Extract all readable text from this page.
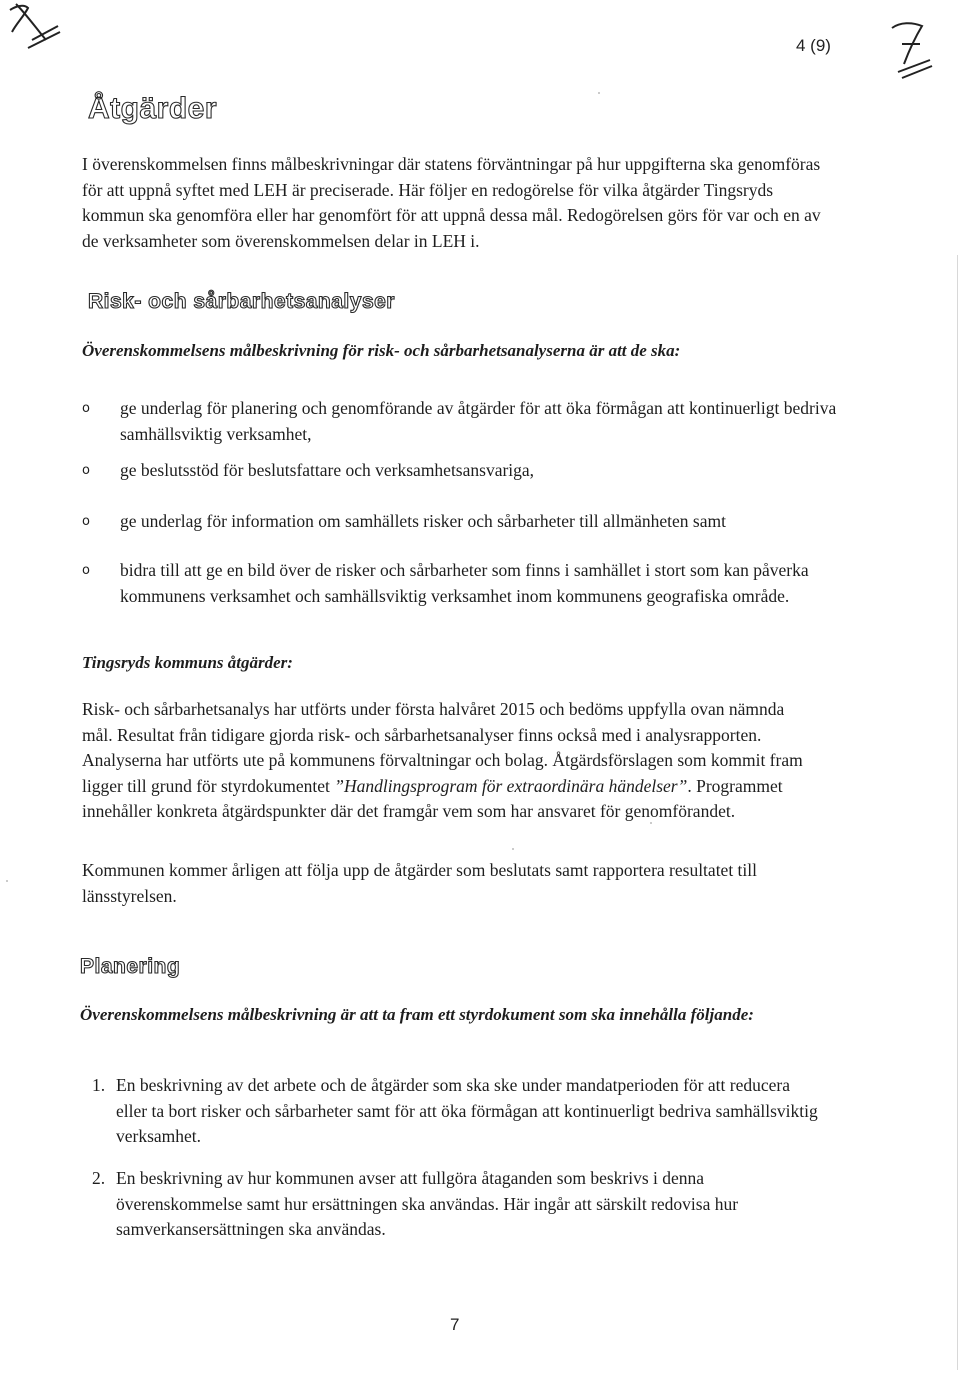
4 (9)
Åtgärder

I överenskommelsen finns målbeskrivningar där statens förväntningar på hur uppgifterna ska genomföras för att uppnå syftet med LEH är preciserade. Här följer en redogörelse för vilka åtgärder Tingsryds kommun ska genomföra eller har genomfört för att uppnå dessa mål. Redogörelsen görs för var och en av de verksamheter som överenskommelsen delar in LEH i.

Risk- och sårbarhetsanalyser

Överenskommelsens målbeskrivning för risk- och sårbarhetsanalyserna är att de ska:

o	ge underlag för planering och genomförande av åtgärder för att öka förmågan att kontinuerligt bedriva samhällsviktig verksamhet,
o	ge beslutsstöd för beslutsfattare och verksamhetsansvariga,
o	ge underlag för information om samhällets risker och sårbarheter till allmänheten samt
o	bidra till att ge en bild över de risker och sårbarheter som finns i samhället i stort som kan påverka kommunens verksamhet och samhällsviktig verksamhet inom kommunens geografiska område.

Tingsryds kommuns åtgärder:

Risk- och sårbarhetsanalys har utförts under första halvåret 2015 och bedöms uppfylla ovan nämnda mål. Resultat från tidigare gjorda risk- och sårbarhetsanalyser finns också med i analysrapporten. Analyserna har utförts ute på kommunens förvaltningar och bolag. Åtgärdsförslagen som kommit fram ligger till grund för styrdokumentet ”Handlingsprogram för extraordinära händelser”. Programmet innehåller konkreta åtgärdspunkter där det framgår vem som har ansvaret för genomförandet.

Kommunen kommer årligen att följa upp de åtgärder som beslutats samt rapportera resultatet till länsstyrelsen.

Planering

Överenskommelsens målbeskrivning är att ta fram ett styrdokument som ska innehålla följande:

1. En beskrivning av det arbete och de åtgärder som ska ske under mandatperioden för att reducera eller ta bort risker och sårbarheter samt för att öka förmågan att kontinuerligt bedriva samhällsviktig verksamhet.
2. En beskrivning av hur kommunen avser att fullgöra åtaganden som beskrivs i denna överenskommelse samt hur ersättningen ska användas. Här ingår att särskilt redovisa hur samverkansersättningen ska användas.
7
